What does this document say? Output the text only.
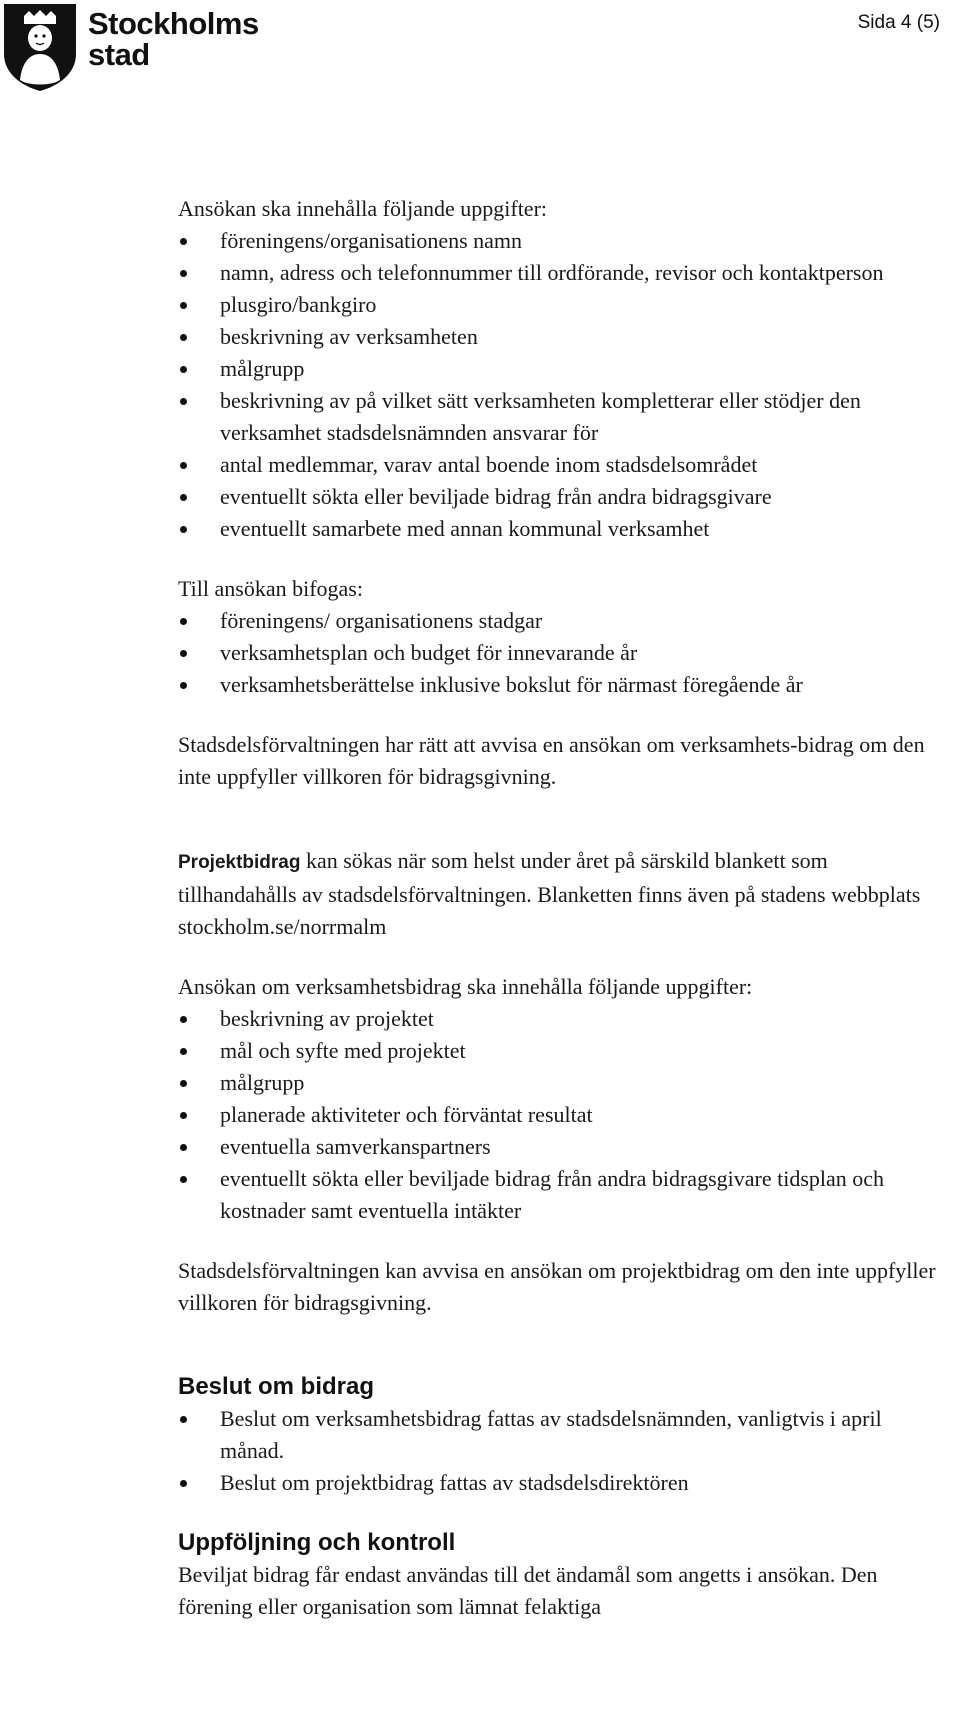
Stockholms
stad
Sida 4 (5)

Ansökan ska innehålla följande uppgifter:

föreningens/organisationens namn
namn, adress och telefonnummer till ordförande, revisor och kontaktperson
plusgiro/bankgiro
beskrivning av verksamheten
målgrupp
beskrivning av på vilket sätt verksamheten kompletterar eller stödjer den verksamhet stadsdelsnämnden ansvarar för
antal medlemmar, varav antal boende inom stadsdelsområdet
eventuellt sökta eller beviljade bidrag från andra bidragsgivare
eventuellt samarbete med annan kommunal verksamhet

Till ansökan bifogas:

föreningens/ organisationens stadgar
verksamhetsplan och budget för innevarande år
verksamhetsberättelse inklusive bokslut för närmast föregående år

Stadsdelsförvaltningen har rätt att avvisa en ansökan om verksamhets-bidrag om den inte uppfyller villkoren för bidragsgivning.

Projektbidrag kan sökas när som helst under året på särskild blankett som tillhandahålls av stadsdelsförvaltningen. Blanketten finns även på stadens webbplats stockholm.se/norrmalm

Ansökan om verksamhetsbidrag ska innehålla följande uppgifter:

beskrivning av projektet
mål och syfte med projektet
målgrupp
planerade aktiviteter och förväntat resultat
eventuella samverkanspartners
eventuellt sökta eller beviljade bidrag från andra bidragsgivare tidsplan och kostnader samt eventuella intäkter

Stadsdelsförvaltningen kan avvisa en ansökan om projektbidrag om den inte uppfyller villkoren för bidragsgivning.

Beslut om bidrag
Beslut om verksamhetsbidrag fattas av stadsdelsnämnden, vanligtvis i april månad.
Beslut om projektbidrag fattas av stadsdelsdirektören
Uppföljning och kontroll

Beviljat bidrag får endast användas till det ändamål som angetts i ansökan. Den förening eller organisation som lämnat felaktiga
